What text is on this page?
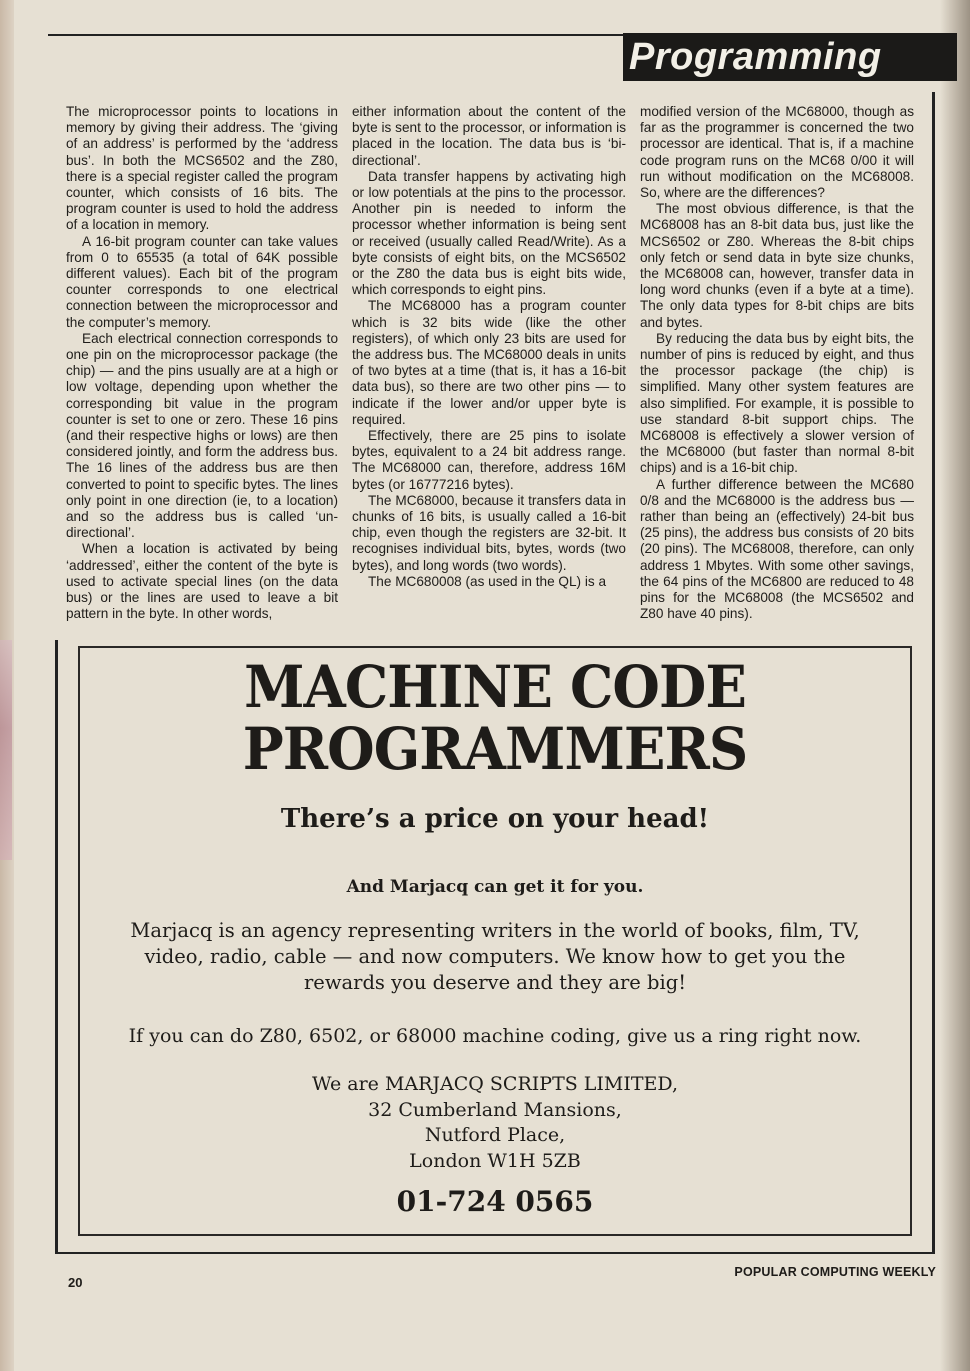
Programming

The microprocessor points to locations in memory by giving their address. The ‘giving of an address’ is performed by the ‘address bus’. In both the MCS6502 and the Z80, there is a special register called the program counter, which consists of 16 bits. The program counter is used to hold the address of a location in memory.

A 16-bit program counter can take values from 0 to 65535 (a total of 64K possible different values). Each bit of the program counter corresponds to one electrical connection between the microprocessor and the computer’s memory.

Each electrical connection corresponds to one pin on the microprocessor package (the chip) — and the pins usually are at a high or low voltage, depending upon whether the corresponding bit value in the program counter is set to one or zero. These 16 pins (and their respective highs or lows) are then considered jointly, and form the address bus. The 16 lines of the address bus are then converted to point to specific bytes. The lines only point in one direction (ie, to a location) and so the address bus is called ‘un-directional’.

When a location is activated by being ‘addressed’, either the content of the byte is used to activate special lines (on the data bus) or the lines are used to leave a bit pattern in the byte. In other words,

either information about the content of the byte is sent to the processor, or information is placed in the location. The data bus is ‘bi-directional’.

Data transfer happens by activating high or low potentials at the pins to the processor. Another pin is needed to inform the processor whether information is being sent or received (usually called Read/Write). As a byte consists of eight bits, on the MCS6502 or the Z80 the data bus is eight bits wide, which corresponds to eight pins.

The MC68000 has a program counter which is 32 bits wide (like the other registers), of which only 23 bits are used for the address bus. The MC68000 deals in units of two bytes at a time (that is, it has a 16-bit data bus), so there are two other pins — to indicate if the lower and/or upper byte is required.

Effectively, there are 25 pins to isolate bytes, equivalent to a 24 bit address range. The MC68000 can, therefore, address 16M bytes (or 16777216 bytes).

The MC68000, because it transfers data in chunks of 16 bits, is usually called a 16-bit chip, even though the registers are 32-bit. It recognises individual bits, bytes, words (two bytes), and long words (two words).

The MC680008 (as used in the QL) is a

modified version of the MC68000, though as far as the programmer is concerned the two processor are identical. That is, if a machine code program runs on the MC68 0/00 it will run without modification on the MC68008. So, where are the differences?

The most obvious difference, is that the MC68008 has an 8-bit data bus, just like the MCS6502 or Z80. Whereas the 8-bit chips only fetch or send data in byte size chunks, the MC68008 can, however, transfer data in long word chunks (even if a byte at a time). The only data types for 8-bit chips are bits and bytes.

By reducing the data bus by eight bits, the number of pins is reduced by eight, and thus the processor package (the chip) is simplified. Many other system features are also simplified. For example, it is possible to use standard 8-bit support chips. The MC68008 is effectively a slower version of the MC68000 (but faster than normal 8-bit chips) and is a 16-bit chip.

A further difference between the MC680 0/8 and the MC68000 is the address bus — rather than being an (effectively) 24-bit bus (25 pins), the address bus consists of 20 bits (20 pins). The MC68008, therefore, can only address 1 Mbytes. With some other savings, the 64 pins of the MC6800 are reduced to 48 pins for the MC68008 (the MCS6502 and Z80 have 40 pins).

MACHINE CODE
PROGRAMMERS
There’s a price on your head!
And Marjacq can get it for you.
Marjacq is an agency representing writers in the world of books, film, TV, video, radio, cable — and now computers. We know how to get you the rewards you deserve and they are big!
If you can do Z80, 6502, or 68000 machine coding, give us a ring right now.
We are MARJACQ SCRIPTS LIMITED,
32 Cumberland Mansions,
Nutford Place,
London W1H 5ZB
01-724 0565
20
POPULAR COMPUTING WEEKLY
